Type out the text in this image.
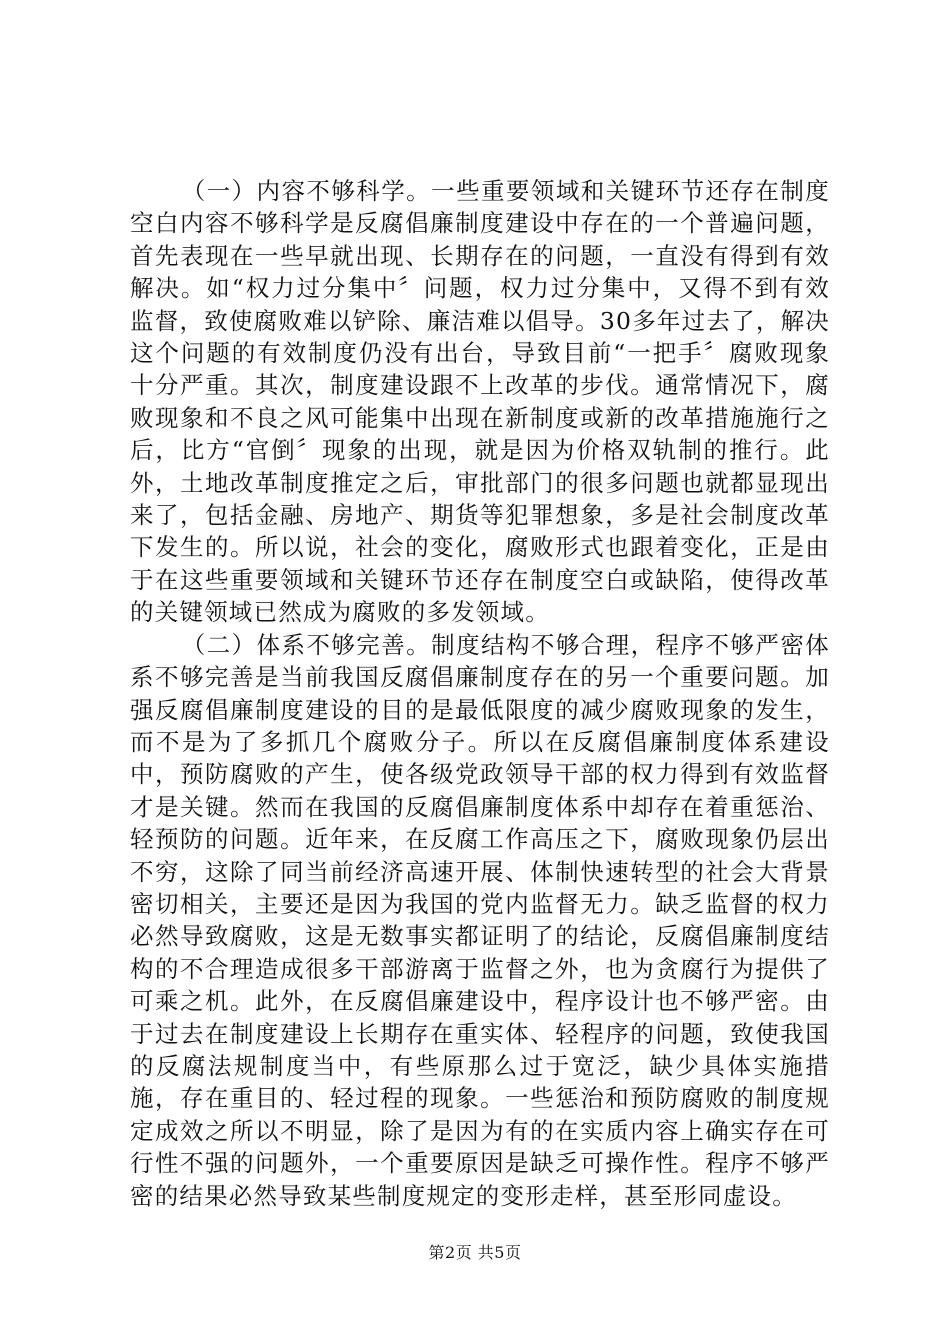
（一）内容不够科学。一些重要领域和关键环节还存在制度空白内容不够科学是反腐倡廉制度建设中存在的一个普遍问题，首先表现在一些早就出现、长期存在的问题，一直没有得到有效解决。如“权力过分集中〞问题，权力过分集中，又得不到有效监督，致使腐败难以铲除、廉洁难以倡导。30多年过去了，解决这个问题的有效制度仍没有出台，导致目前“一把手〞腐败现象十分严重。其次，制度建设跟不上改革的步伐。通常情况下，腐败现象和不良之风可能集中出现在新制度或新的改革措施施行之后，比方“官倒〞现象的出现，就是因为价格双轨制的推行。此外，土地改革制度推定之后，审批部门的很多问题也就都显现出来了，包括金融、房地产、期货等犯罪想象，多是社会制度改革下发生的。所以说，社会的变化，腐败形式也跟着变化，正是由于在这些重要领域和关键环节还存在制度空白或缺陷，使得改革的关键领域已然成为腐败的多发领域。

（二）体系不够完善。制度结构不够合理，程序不够严密体系不够完善是当前我国反腐倡廉制度存在的另一个重要问题。加强反腐倡廉制度建设的目的是最低限度的减少腐败现象的发生，而不是为了多抓几个腐败分子。所以在反腐倡廉制度体系建设中，预防腐败的产生，使各级党政领导干部的权力得到有效监督才是关键。然而在我国的反腐倡廉制度体系中却存在着重惩治、轻预防的问题。近年来，在反腐工作高压之下，腐败现象仍层出不穷，这除了同当前经济高速开展、体制快速转型的社会大背景密切相关，主要还是因为我国的党内监督无力。缺乏监督的权力必然导致腐败，这是无数事实都证明了的结论，反腐倡廉制度结构的不合理造成很多干部游离于监督之外，也为贪腐行为提供了可乘之机。此外，在反腐倡廉建设中，程序设计也不够严密。由于过去在制度建设上长期存在重实体、轻程序的问题，致使我国的反腐法规制度当中，有些原那么过于宽泛，缺少具体实施措施，存在重目的、轻过程的现象。一些惩治和预防腐败的制度规定成效之所以不明显，除了是因为有的在实质内容上确实存在可行性不强的问题外，一个重要原因是缺乏可操作性。程序不够严密的结果必然导致某些制度规定的变形走样，甚至形同虚设。

第2页 共5页
